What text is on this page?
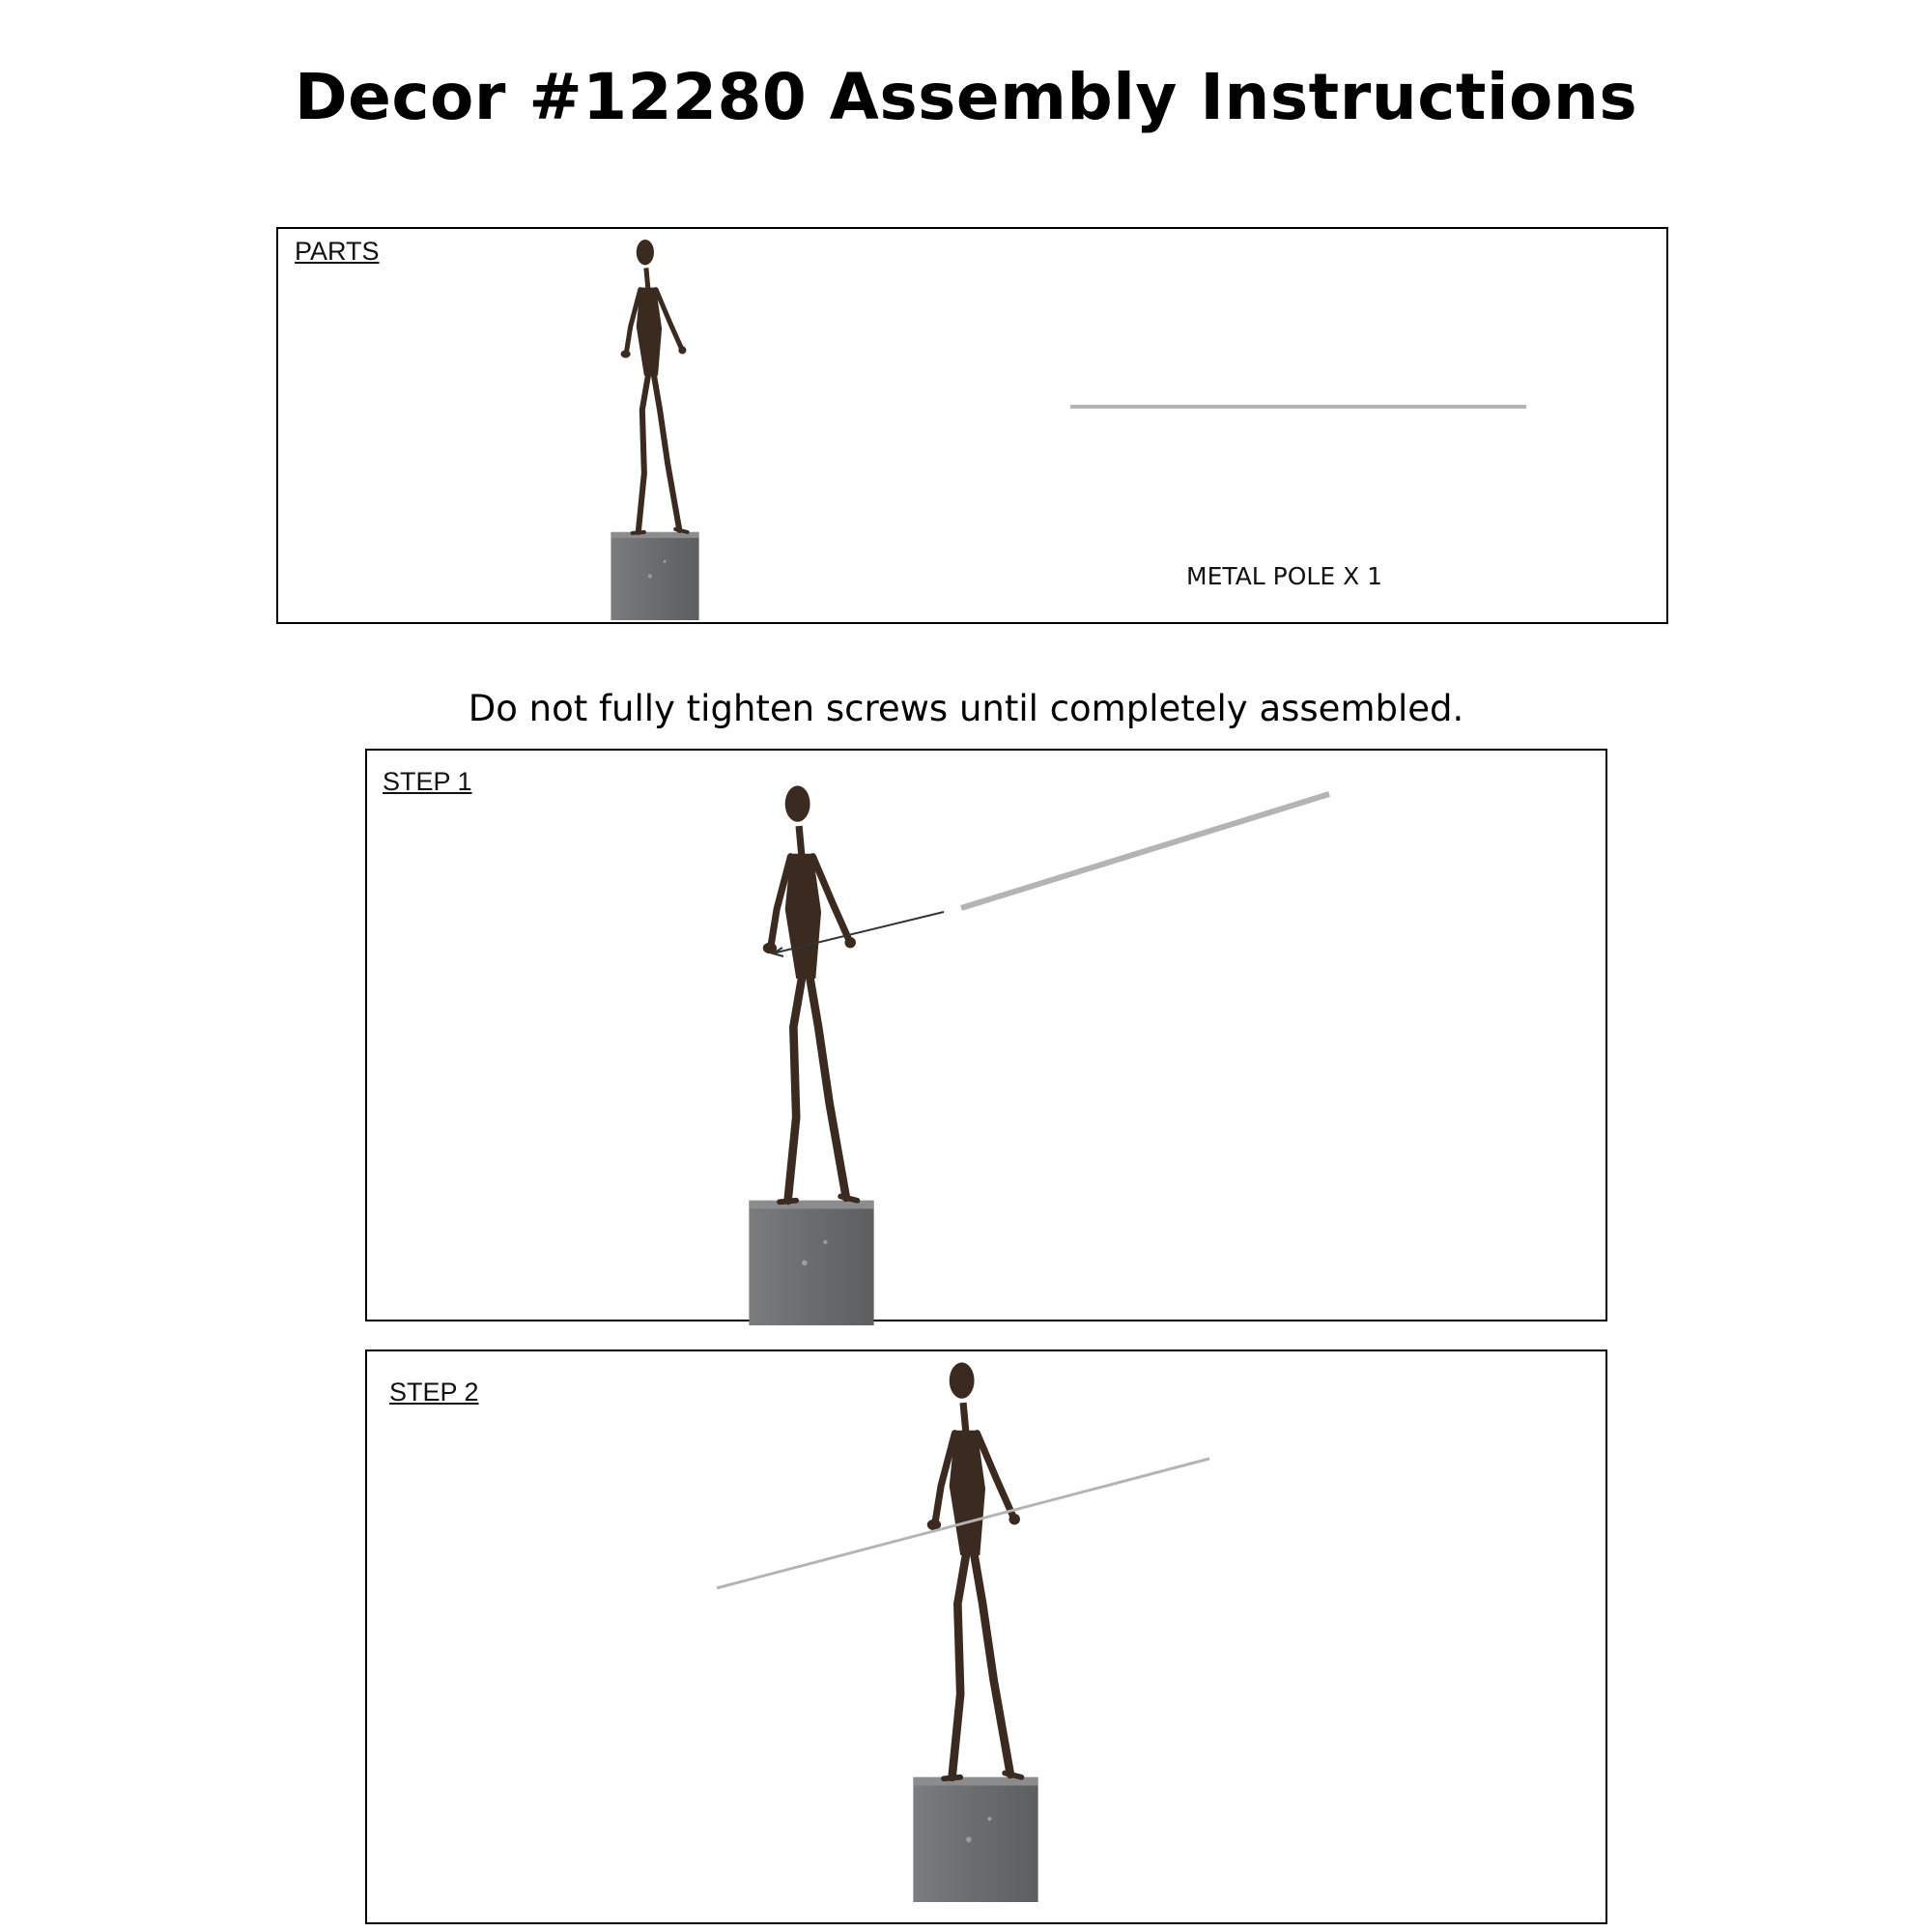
Decor #12280 Assembly Instructions
PARTS
METAL POLE X 1
Do not fully tighten screws until completely assembled.
STEP 1
STEP 2
